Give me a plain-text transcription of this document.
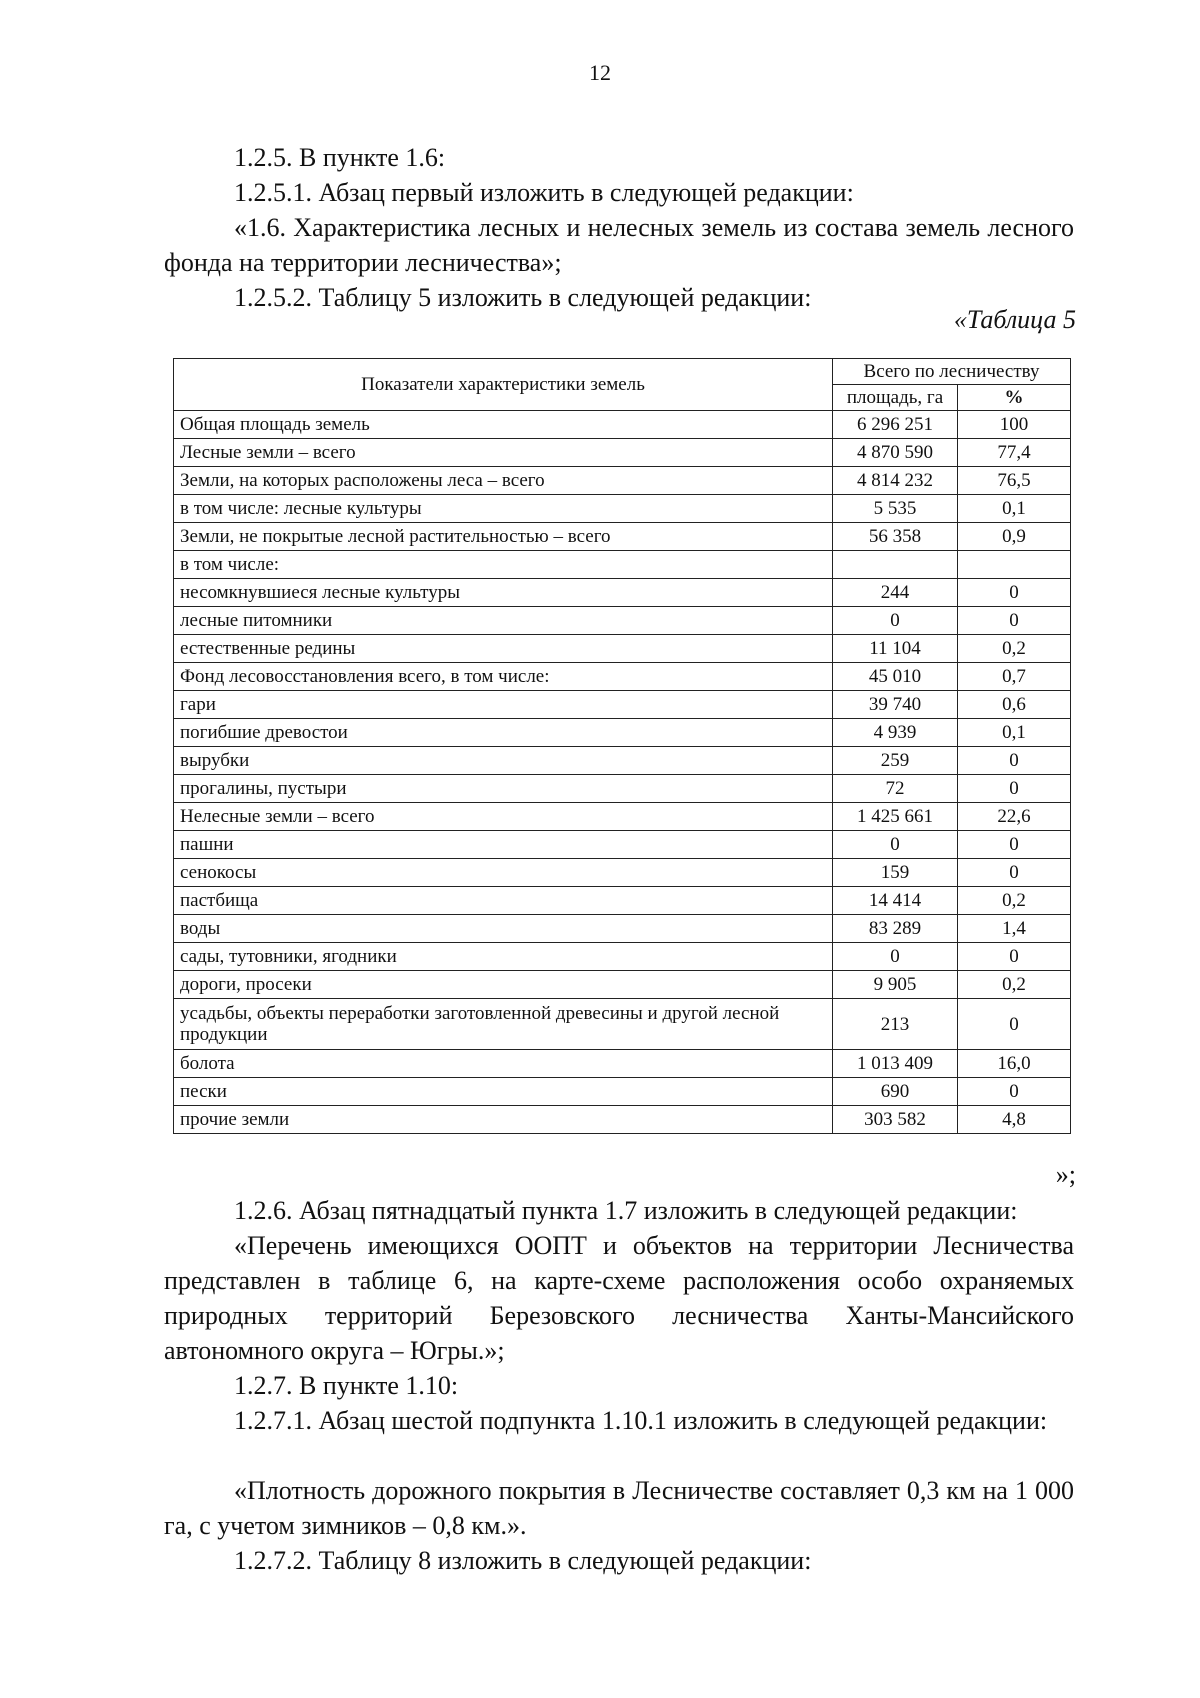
12
1.2.5. В пункте 1.6:
1.2.5.1. Абзац первый изложить в следующей редакции:
«1.6. Характеристика лесных и нелесных земель из состава земель лесного фонда на территории лесничества»;
1.2.5.2. Таблицу 5 изложить в следующей редакции:
«Таблица 5
Показатели характеристики земель	Всего по лесничеству	
	площадь, га	%
Общая площадь земель	6 296 251	100
Лесные земли – всего	4 870 590	77,4
Земли, на которых расположены леса – всего	4 814 232	76,5
в том числе: лесные культуры	5 535	0,1
Земли, не покрытые лесной растительностью – всего	56 358	0,9
в том числе:		
несомкнувшиеся лесные культуры	244	0
лесные питомники	0	0
естественные редины	11 104	0,2
Фонд лесовосстановления всего, в том числе:	45 010	0,7
гари	39 740	0,6
погибшие древостои	4 939	0,1
вырубки	259	0
прогалины, пустыри	72	0
Нелесные земли – всего	1 425 661	22,6
пашни	0	0
сенокосы	159	0
пастбища	14 414	0,2
воды	83 289	1,4
сады, тутовники, ягодники	0	0
дороги, просеки	9 905	0,2
усадьбы, объекты переработки заготовленной древесины и другой лесной продукции	213	0
болота	1 013 409	16,0
пески	690	0
прочие земли	303 582	4,8
»;
1.2.6. Абзац пятнадцатый пункта 1.7 изложить в следующей редакции:
«Перечень имеющихся ООПТ и объектов на территории Лесничества представлен в таблице 6, на карте-схеме расположения особо охраняемых природных территорий Березовского лесничества Ханты-Мансийского автономного округа – Югры.»;
1.2.7. В пункте 1.10:
1.2.7.1. Абзац шестой подпункта 1.10.1 изложить в следующей редакции:
«Плотность дорожного покрытия в Лесничестве составляет 0,3 км на 1 000 га, с учетом зимников – 0,8 км.».
1.2.7.2. Таблицу 8 изложить в следующей редакции:
